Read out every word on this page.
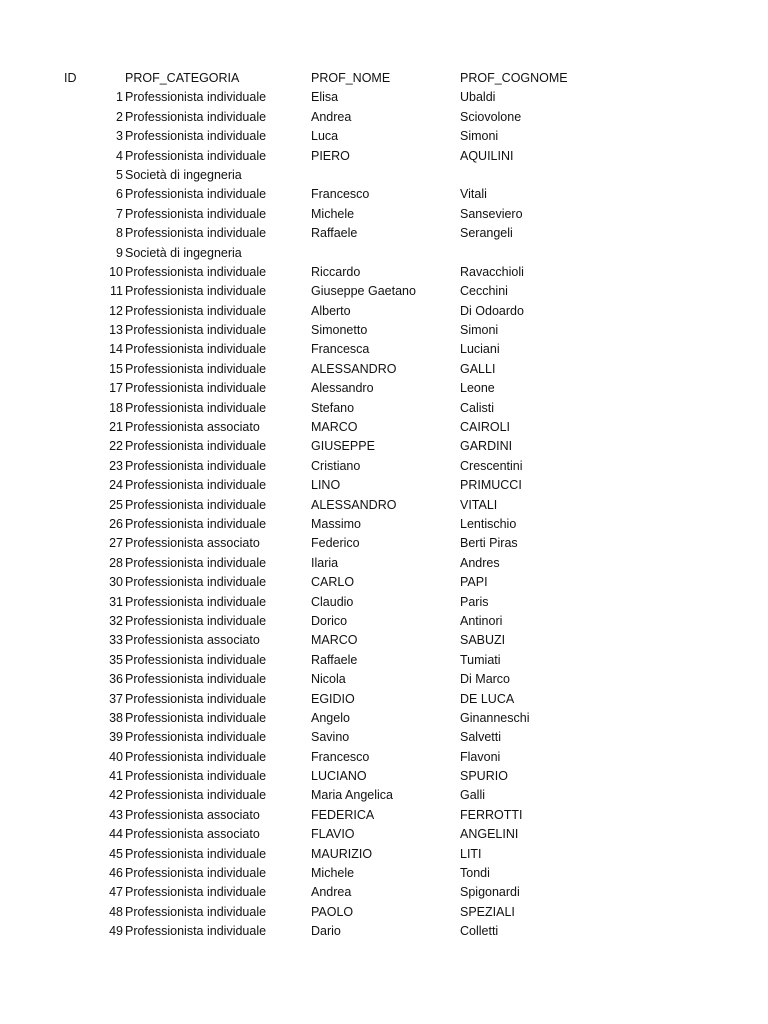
ID	PROF_CATEGORIA	PROF_NOME	PROF_COGNOME
1 Professionista individuale	Elisa	Ubaldi
2 Professionista individuale	Andrea	Sciovolone
3 Professionista individuale	Luca	Simoni
4 Professionista individuale	PIERO	AQUILINI
5 Società di ingegneria
6 Professionista individuale	Francesco	Vitali
7 Professionista individuale	Michele	Sanseviero
8 Professionista individuale	Raffaele	Serangeli
9 Società di ingegneria
10 Professionista individuale	Riccardo	Ravacchioli
11 Professionista individuale	Giuseppe Gaetano	Cecchini
12 Professionista individuale	Alberto	Di Odoardo
13 Professionista individuale	Simonetto	Simoni
14 Professionista individuale	Francesca	Luciani
15 Professionista individuale	ALESSANDRO	GALLI
17 Professionista individuale	Alessandro	Leone
18 Professionista individuale	Stefano	Calisti
21 Professionista associato	MARCO	CAIROLI
22 Professionista individuale	GIUSEPPE	GARDINI
23 Professionista individuale	Cristiano	Crescentini
24 Professionista individuale	LINO	PRIMUCCI
25 Professionista individuale	ALESSANDRO	VITALI
26 Professionista individuale	Massimo	Lentischio
27 Professionista associato	Federico	Berti Piras
28 Professionista individuale	Ilaria	Andres
30 Professionista individuale	CARLO	PAPI
31 Professionista individuale	Claudio	Paris
32 Professionista individuale	Dorico	Antinori
33 Professionista associato	MARCO	SABUZI
35 Professionista individuale	Raffaele	Tumiati
36 Professionista individuale	Nicola	Di Marco
37 Professionista individuale	EGIDIO	DE LUCA
38 Professionista individuale	Angelo	Ginanneschi
39 Professionista individuale	Savino	Salvetti
40 Professionista individuale	Francesco	Flavoni
41 Professionista individuale	LUCIANO	SPURIO
42 Professionista individuale	Maria Angelica	Galli
43 Professionista associato	FEDERICA	FERROTTI
44 Professionista associato	FLAVIO	ANGELINI
45 Professionista individuale	MAURIZIO	LITI
46 Professionista individuale	Michele	Tondi
47 Professionista individuale	Andrea	Spigonardi
48 Professionista individuale	PAOLO	SPEZIALI
49 Professionista individuale	Dario	Colletti
